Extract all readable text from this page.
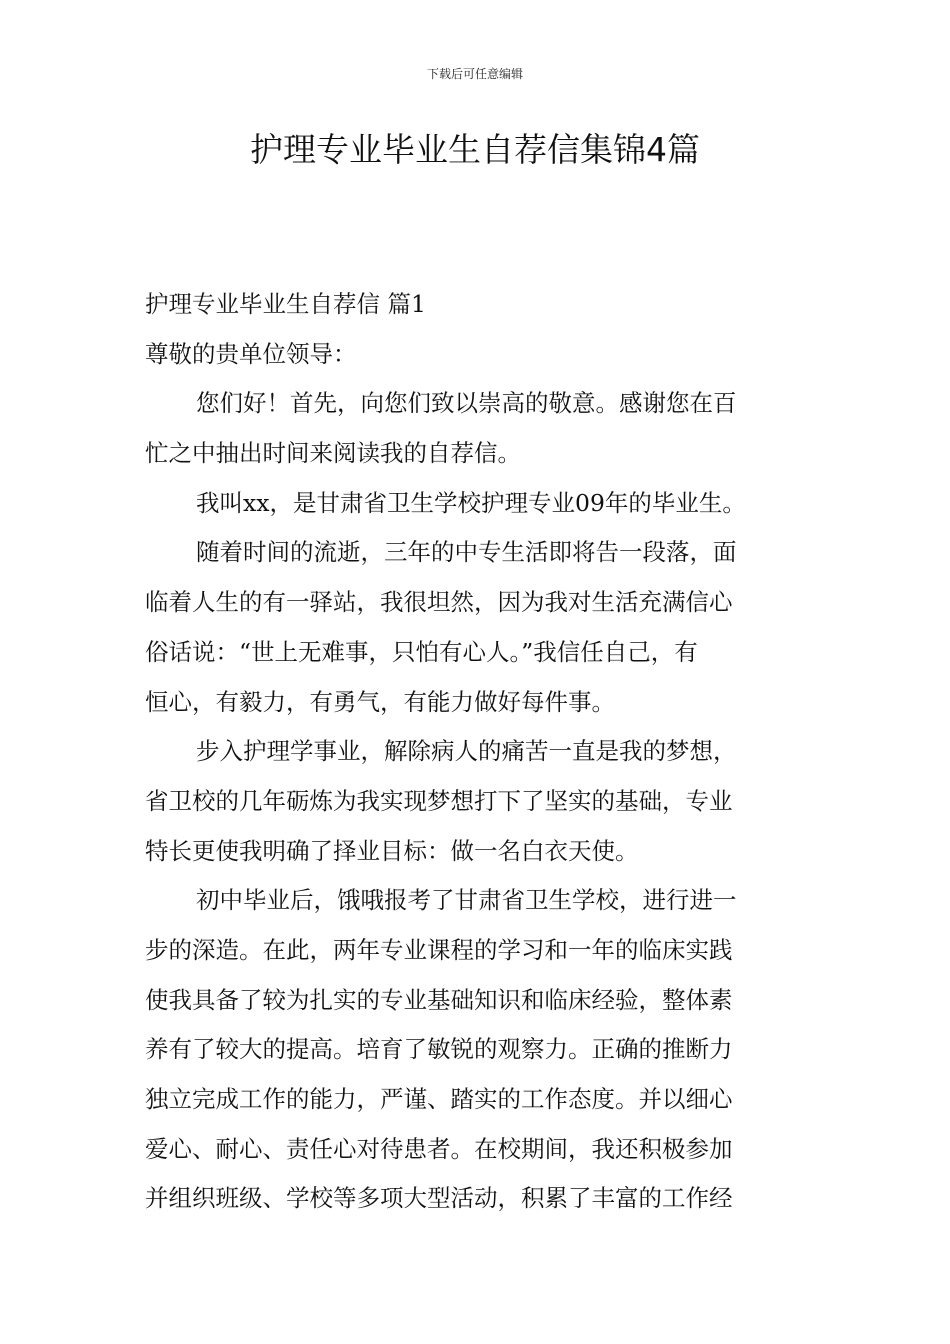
下载后可任意编辑
护理专业毕业生自荐信集锦4篇
护理专业毕业生自荐信 篇1
尊敬的贵单位领导：
您们好！首先，向您们致以崇高的敬意。感谢您在百
忙之中抽出时间来阅读我的自荐信。
我叫xx，是甘肃省卫生学校护理专业09年的毕业生。
随着时间的流逝，三年的中专生活即将告一段落，面
临着人生的有一驿站，我很坦然，因为我对生活充满信心
俗话说：“世上无难事，只怕有心人。”我信任自己，有
恒心，有毅力，有勇气，有能力做好每件事。
步入护理学事业，解除病人的痛苦一直是我的梦想，
省卫校的几年砺炼为我实现梦想打下了坚实的基础，专业
特长更使我明确了择业目标：做一名白衣天使。
初中毕业后，饿哦报考了甘肃省卫生学校，进行进一
步的深造。在此，两年专业课程的学习和一年的临床实践
使我具备了较为扎实的专业基础知识和临床经验，整体素
养有了较大的提高。培育了敏锐的观察力。正确的推断力
独立完成工作的能力，严谨、踏实的工作态度。并以细心
爱心、耐心、责任心对待患者。在校期间，我还积极参加
并组织班级、学校等多项大型活动，积累了丰富的工作经
